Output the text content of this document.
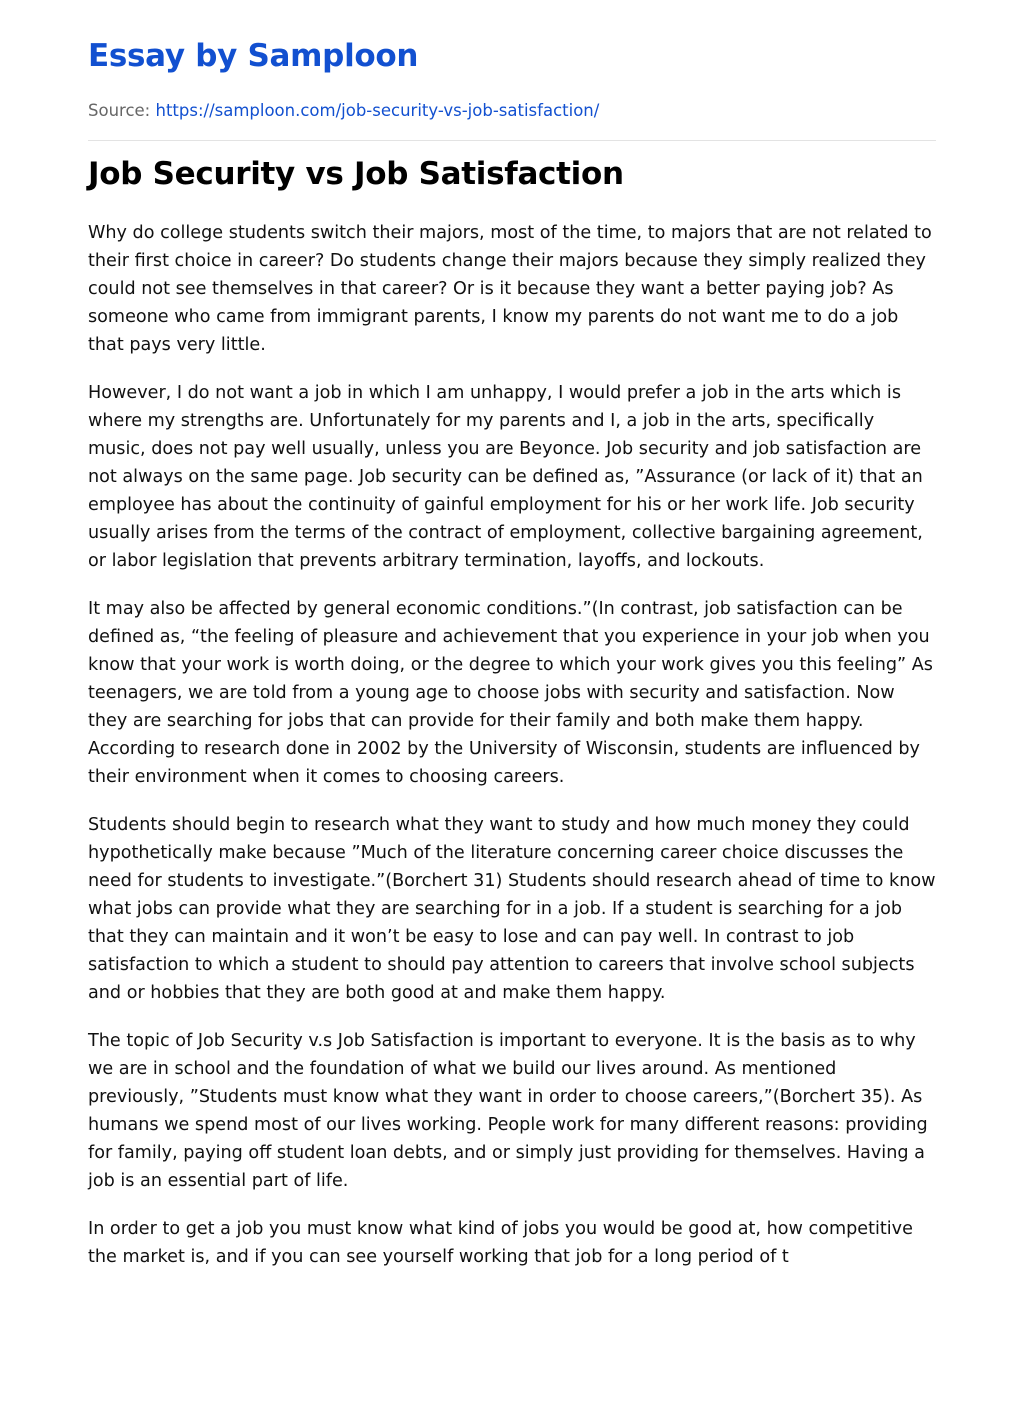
Essay by Samploon
Source: https://samploon.com/job-security-vs-job-satisfaction/
Job Security vs Job Satisfaction

Why do college students switch their majors, most of the time, to majors that are not related to their first choice in career? Do students change their majors because they simply realized they could not see themselves in that career? Or is it because they want a better paying job? As someone who came from immigrant parents, I know my parents do not want me to do a job that pays very little.

However, I do not want a job in which I am unhappy, I would prefer a job in the arts which is where my strengths are. Unfortunately for my parents and I, a job in the arts, specifically music, does not pay well usually, unless you are Beyonce. Job security and job satisfaction are not always on the same page. Job security can be defined as, ”Assurance (or lack of it) that an employee has about the continuity of gainful employment for his or her work life. Job security usually arises from the terms of the contract of employment, collective bargaining agreement, or labor legislation that prevents arbitrary termination, layoffs, and lockouts.

It may also be affected by general economic conditions.”(In contrast, job satisfaction can be defined as, “the feeling of pleasure and achievement that you experience in your job when you know that your work is worth doing, or the degree to which your work gives you this feeling” As teenagers, we are told from a young age to choose jobs with security and satisfaction. Now they are searching for jobs that can provide for their family and both make them happy. According to research done in 2002 by the University of Wisconsin, students are influenced by their environment when it comes to choosing careers.

Students should begin to research what they want to study and how much money they could hypothetically make because ”Much of the literature concerning career choice discusses the need for students to investigate.”(Borchert 31) Students should research ahead of time to know what jobs can provide what they are searching for in a job. If a student is searching for a job that they can maintain and it won’t be easy to lose and can pay well. In contrast to job satisfaction to which a student to should pay attention to careers that involve school subjects and or hobbies that they are both good at and make them happy.

The topic of Job Security v.s Job Satisfaction is important to everyone. It is the basis as to why we are in school and the foundation of what we build our lives around. As mentioned previously, ”Students must know what they want in order to choose careers,”(Borchert 35). As humans we spend most of our lives working. People work for many different reasons: providing for family, paying off student loan debts, and or simply just providing for themselves. Having a job is an essential part of life.

In order to get a job you must know what kind of jobs you would be good at, how competitive the market is, and if you can see yourself working that job for a long period of t
